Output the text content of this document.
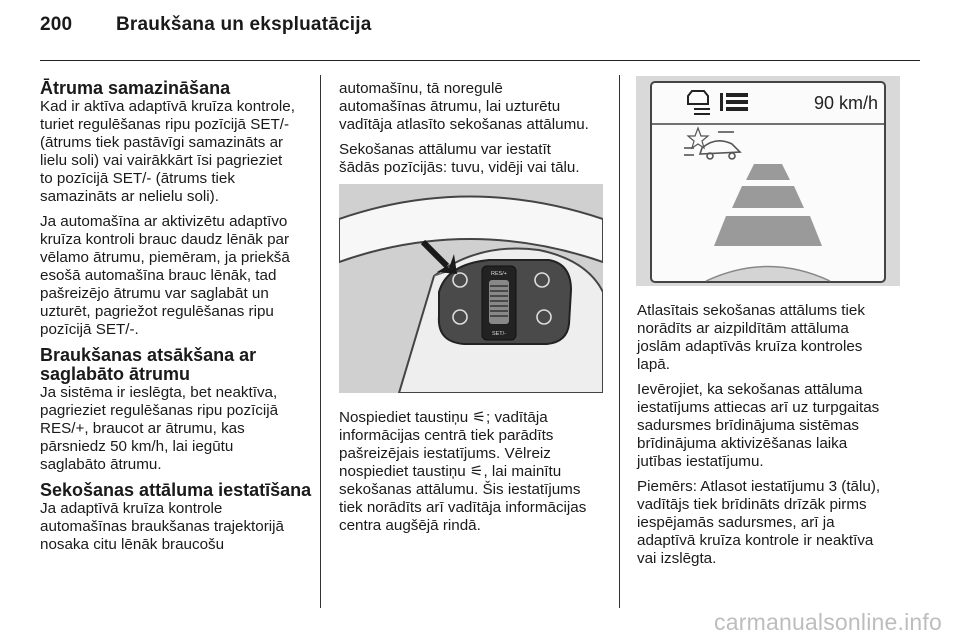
200 Braukšana un ekspluatācija
Ātruma samazināšana

Kad ir aktīva adaptīvā kruīza kontrole,
turiet regulēšanas ripu pozīcijā SET/-
(ātrums tiek pastāvīgi samazināts ar
lielu soli) vai vairākkārt īsi pagrieziet
to pozīcijā SET/- (ātrums tiek
samazināts ar nelielu soli).

Ja automašīna ar aktivizētu adaptīvo
kruīza kontroli brauc daudz lēnāk par
vēlamo ātrumu, piemēram, ja priekšā
esošā automašīna brauc lēnāk, tad
pašreizējo ātrumu var saglabāt un
uzturēt, pagriežot regulēšanas ripu
pozīcijā SET/-.

Braukšanas atsākšana ar
saglabāto ātrumu

Ja sistēma ir ieslēgta, bet neaktīva,
pagrieziet regulēšanas ripu pozīcijā
RES/+, braucot ar ātrumu, kas
pārsniedz 50 km/h, lai iegūtu
saglabāto ātrumu.

Sekošanas attāluma iestatīšana

Ja adaptīvā kruīza kontrole
automašīnas braukšanas trajektorijā
nosaka citu lēnāk braucošu

automašīnu, tā noregulē
automašīnas ātrumu, lai uzturētu
vadītāja atlasīto sekošanas attālumu.

Sekošanas attālumu var iestatīt
šādās pozīcijās: tuvu, vidēji vai tālu.

RES/+
SET/-

Nospiediet taustiņu ⚟; vadītāja
informācijas centrā tiek parādīts
pašreizējais iestatījums. Vēlreiz
nospiediet taustiņu ⚟, lai mainītu
sekošanas attālumu. Šis iestatījums
tiek norādīts arī vadītāja informācijas
centra augšējā rindā.

90 km/h

Atlasītais sekošanas attālums tiek
norādīts ar aizpildītām attāluma
joslām adaptīvās kruīza kontroles
lapā.

Ievērojiet, ka sekošanas attāluma
iestatījums attiecas arī uz turpgaitas
sadursmes brīdinājuma sistēmas
brīdinājuma aktivizēšanas laika
jutības iestatījumu.

Piemērs: Atlasot iestatījumu 3 (tālu),
vadītājs tiek brīdināts drīzāk pirms
iespējamās sadursmes, arī ja
adaptīvā kruīza kontrole ir neaktīva
vai izslēgta.

carmanualsonline.info
